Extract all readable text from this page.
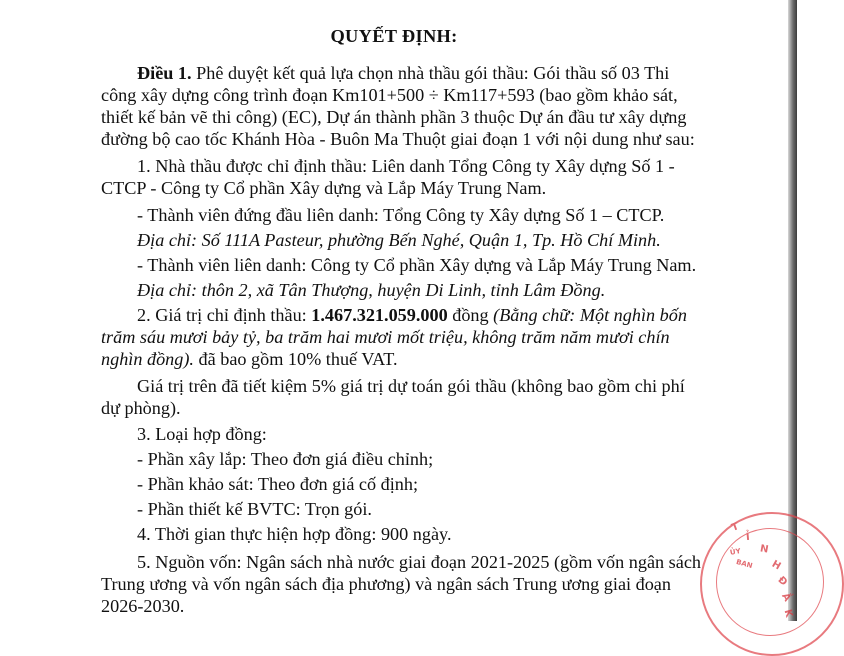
QUYẾT ĐỊNH:
Điều 1. Phê duyệt kết quả lựa chọn nhà thầu gói thầu: Gói thầu số 03 Thi
công xây dựng công trình đoạn Km101+500 ÷ Km117+593 (bao gồm khảo sát,
thiết kế bản vẽ thi công) (EC), Dự án thành phần 3 thuộc Dự án đầu tư xây dựng
đường bộ cao tốc Khánh Hòa - Buôn Ma Thuột giai đoạn 1 với nội dung như sau:
1. Nhà thầu được chỉ định thầu: Liên danh Tổng Công ty Xây dựng Số 1 -
CTCP - Công ty Cổ phần Xây dựng và Lắp Máy Trung Nam.
- Thành viên đứng đầu liên danh: Tổng Công ty Xây dựng Số 1 – CTCP.
Địa chỉ: Số 111A Pasteur, phường Bến Nghé, Quận 1, Tp. Hồ Chí Minh.
- Thành viên liên danh: Công ty Cổ phần Xây dựng và Lắp Máy Trung Nam.
Địa chỉ: thôn 2, xã Tân Thượng, huyện Di Linh, tỉnh Lâm Đồng.
2. Giá trị chỉ định thầu: 1.467.321.059.000 đồng (Bằng chữ: Một nghìn bốn
trăm sáu mươi bảy tỷ, ba trăm hai mươi mốt triệu, không trăm năm mươi chín
nghìn đồng). đã bao gồm 10% thuế VAT.
Giá trị trên đã tiết kiệm 5% giá trị dự toán gói thầu (không bao gồm chi phí
dự phòng).
3. Loại hợp đồng:
- Phần xây lắp: Theo đơn giá điều chỉnh;
- Phần khảo sát: Theo đơn giá cố định;
- Phần thiết kế BVTC: Trọn gói.
4. Thời gian thực hiện hợp đồng: 900 ngày.
5. Nguồn vốn: Ngân sách nhà nước giai đoạn 2021-2025 (gồm vốn ngân sách
Trung ương và vốn ngân sách địa phương) và ngân sách Trung ương giai đoạn
2026-2030.
T
Ỉ
N
H
Đ
Ắ
K
ỦY
BAN
